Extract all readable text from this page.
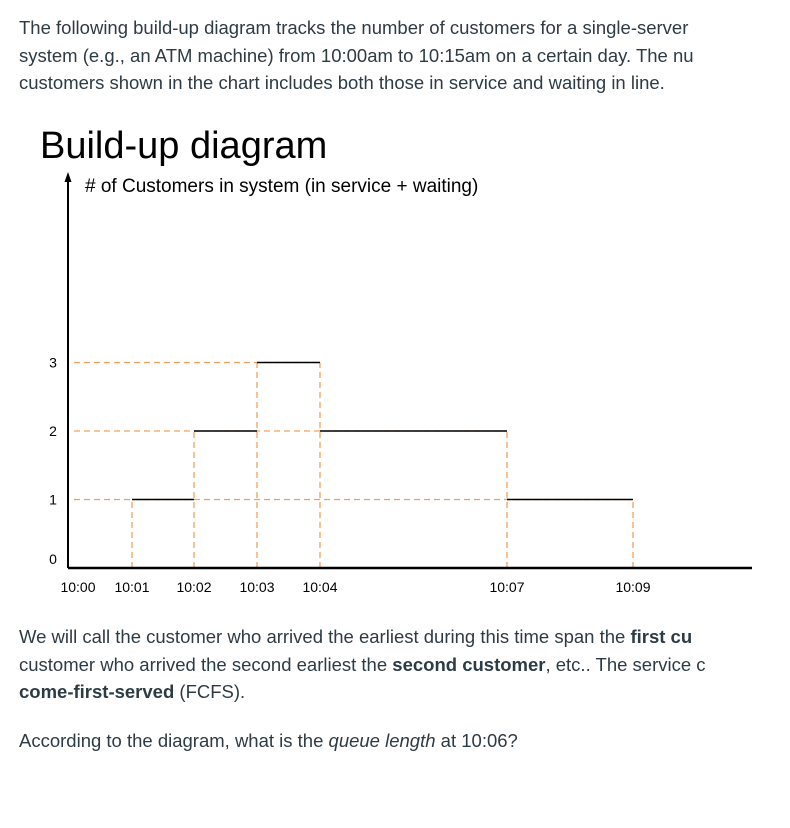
The following build-up diagram tracks the number of customers for a single-server
system (e.g., an ATM machine) from 10:00am to 10:15am on a certain day. The nu
customers shown in the chart includes both those in service and waiting in line.

Build-up diagram
# of Customers in system (in service + waiting)
0
1
2
3
10:00 10:01 10:02 10:03 10:04	10:07	10:09

We will call the customer who arrived the earliest during this time span the first cu
customer who arrived the second earliest the second customer, etc.. The service c
come-first-served (FCFS).

According to the diagram, what is the queue length at 10:06?
